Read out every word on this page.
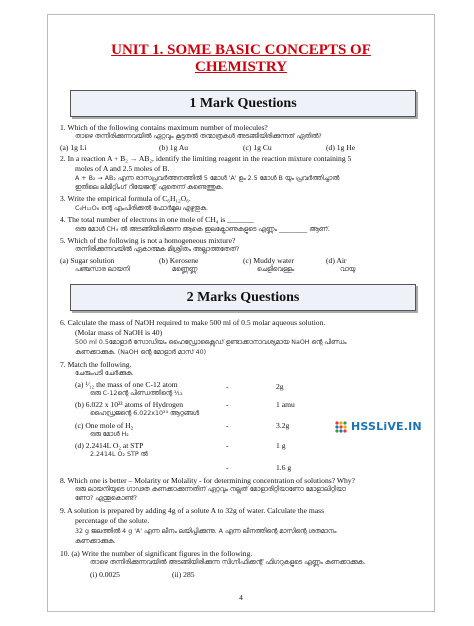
UNIT 1. SOME BASIC CONCEPTS OF
CHEMISTRY
1 Mark Questions
1. Which of the following contains maximum number of molecules?
താഴെ തന്നിരിക്കുന്നവയിൽ ഏറ്റവും കൂടുതൽ തന്മാത്രകൾ അടങ്ങിയിരിക്കുന്നത് ഏതിൽ?
(a) 1g Li	(b) 1g Au	(c) 1g Cu	(d) 1g He
2. In a reaction A + B₂ → AB₂, identify the limiting reagent in the reaction mixture containing 5
moles of A and 2.5 moles of B.
A + B₂ → AB₂ എന്ന രാസപ്രവർത്തനത്തിൽ 5 മോൾ 'A' ഉം 2.5 മോൾ B യും പ്രവർത്തിച്ചാൽ
ഇതിലെ ലിമിറ്റിംഗ് റീയേജന്റ് ഏതെന്ന് കണ്ടെത്തുക.
3. Write the empirical formula of C₆H₁₂O₆.
C₆H₁₂O₆ ന്റെ എംപിരിക്കൽ ഫോർമുല എഴുതുക.
4. The total number of electrons in one mole of CH₄ is _______
ഒരു മോൾ CH₄ ൽ അടങ്ങിയിരിക്കുന്ന ആകെ ഇലക്ട്രോണുകളുടെ എണ്ണം _________ ആണ്.
5. Which of the following is not a homogeneous mixture?
തന്നിരിക്കുന്നവയിൽ ഏകാത്മക മിശ്രിതം അല്ലാത്തതേത്?
(a) Sugar solution	(b) Kerosene	(c) Muddy water	(d) Air
പഞ്ചസാര ലായനി	മണ്ണെണ്ണ	ചെളിവെള്ളം	വായു
2 Marks Questions
6. Calculate the mass of NaOH required to make 500 ml of 0.5 molar aqueous solution.
(Molar mass of NaOH is 40)
500 ml 0.5മോളാർ സോഡിയം ഹൈഡ്രോക്സൈഡ് ഉണ്ടാക്കാനാവശ്യമായ NaOH ന്റെ പിണ്ഡം
കണക്കാക്കുക. (NaOH ന്റെ മോളാർ മാസ് 40)
7. Match the following.
ചേരുംപടി ചേർക്കുക.
(a) ¹⁄₁₂ the mass of one C-12 atom
ഒരു C-12ന്റെ പിണ്ഡത്തിന്റെ ¹⁄₁₂
-	2g
(b) 6.022 x 10²³ atoms of Hydrogen
ഹൈഡ്രജന്റെ 6.022x10²³ ആറ്റങ്ങൾ
-	1 amu
(c) One mole of H₂
ഒരു മോൾ H₂
-	3.2g
(d) 2.2414L O₂ at STP
2.2414L O₂ STP ൽ
-	1 g
-	1.6 g
8. Which one is better – Molarity or Molality - for determining concentration of solutions? Why?
ഒരു ലായനിയുടെ ഗാഢത കണക്കാക്കുന്നതിന് ഏറ്റവും നല്ലത് മോളാരിറ്റിയാണോ മോളാലിറ്റിയാ
ണോ? എന്തുകൊണ്ട്?
9. A solution is prepared by adding 4g of a solute A to 32g of water. Calculate the mass
percentage of the solute.
32 g ജലത്തിൽ 4 g 'A' എന്ന ലീനം ലയിപ്പിക്കുന്നു. A എന്ന ലീനത്തിന്റെ മാസിന്റെ ശതമാനം
കണക്കാക്കുക.
10. (a) Write the number of significant figures in the following.
താഴെ തന്നിരിക്കുന്നവയിൽ അടങ്ങിയിരിക്കുന്ന സിഗ്നിഫിക്കന്റ് ഫിഗറുകളുടെ എണ്ണം കണക്കാക്കുക.
(i) 0.0025	(ii) 285
4
HSSLiVE.IN
